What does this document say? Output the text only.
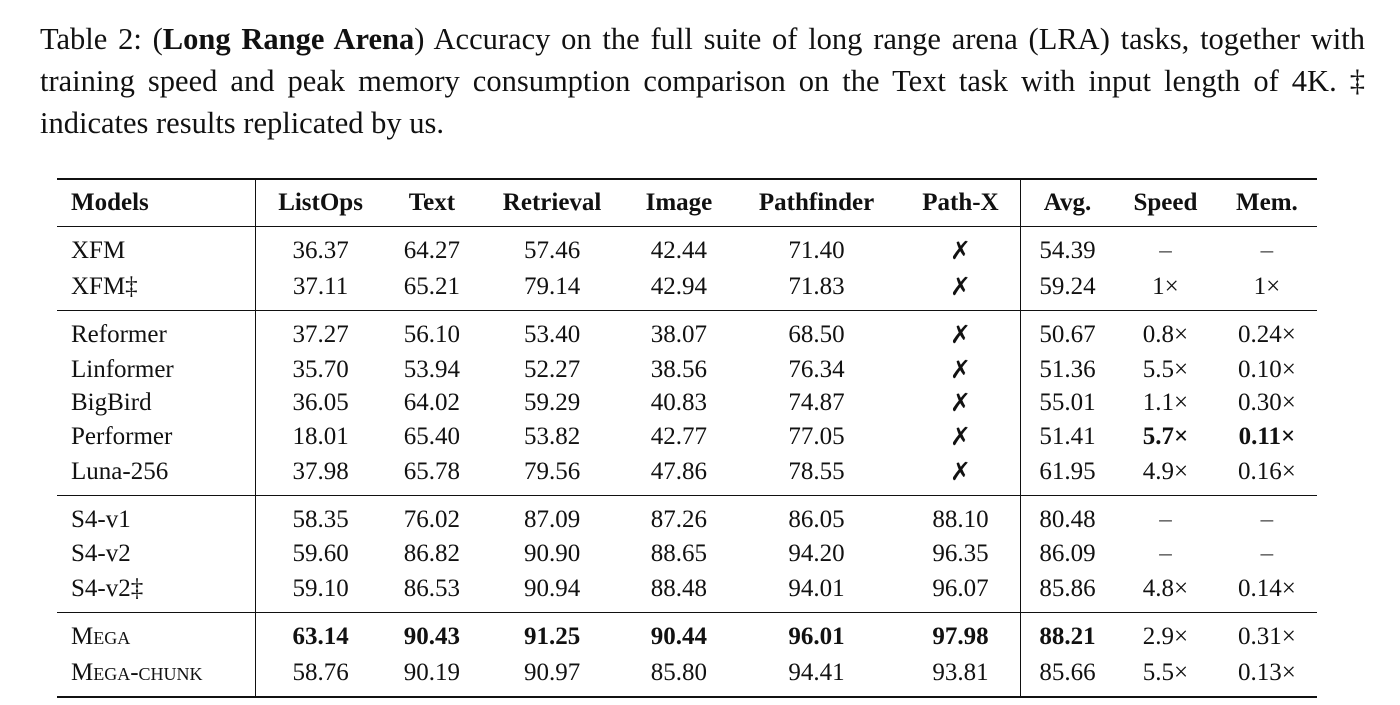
Table 2: (Long Range Arena) Accuracy on the full suite of long range arena (LRA) tasks, together with training speed and peak memory consumption comparison on the Text task with input length of 4K. ‡ indicates results replicated by us.
Models	ListOps	Text	Retrieval	Image	Pathfinder	Path-X	Avg.	Speed	Mem.
XFM	36.37	64.27	57.46	42.44	71.40	✗	54.39	–	–
XFM‡	37.11	65.21	79.14	42.94	71.83	✗	59.24	1×	1×
Reformer	37.27	56.10	53.40	38.07	68.50	✗	50.67	0.8×	0.24×
Linformer	35.70	53.94	52.27	38.56	76.34	✗	51.36	5.5×	0.10×
BigBird	36.05	64.02	59.29	40.83	74.87	✗	55.01	1.1×	0.30×
Performer	18.01	65.40	53.82	42.77	77.05	✗	51.41	5.7×	0.11×
Luna-256	37.98	65.78	79.56	47.86	78.55	✗	61.95	4.9×	0.16×
S4-v1	58.35	76.02	87.09	87.26	86.05	88.10	80.48	–	–
S4-v2	59.60	86.82	90.90	88.65	94.20	96.35	86.09	–	–
S4-v2‡	59.10	86.53	90.94	88.48	94.01	96.07	85.86	4.8×	0.14×
Mega	63.14	90.43	91.25	90.44	96.01	97.98	88.21	2.9×	0.31×
Mega-chunk	58.76	90.19	90.97	85.80	94.41	93.81	85.66	5.5×	0.13×
